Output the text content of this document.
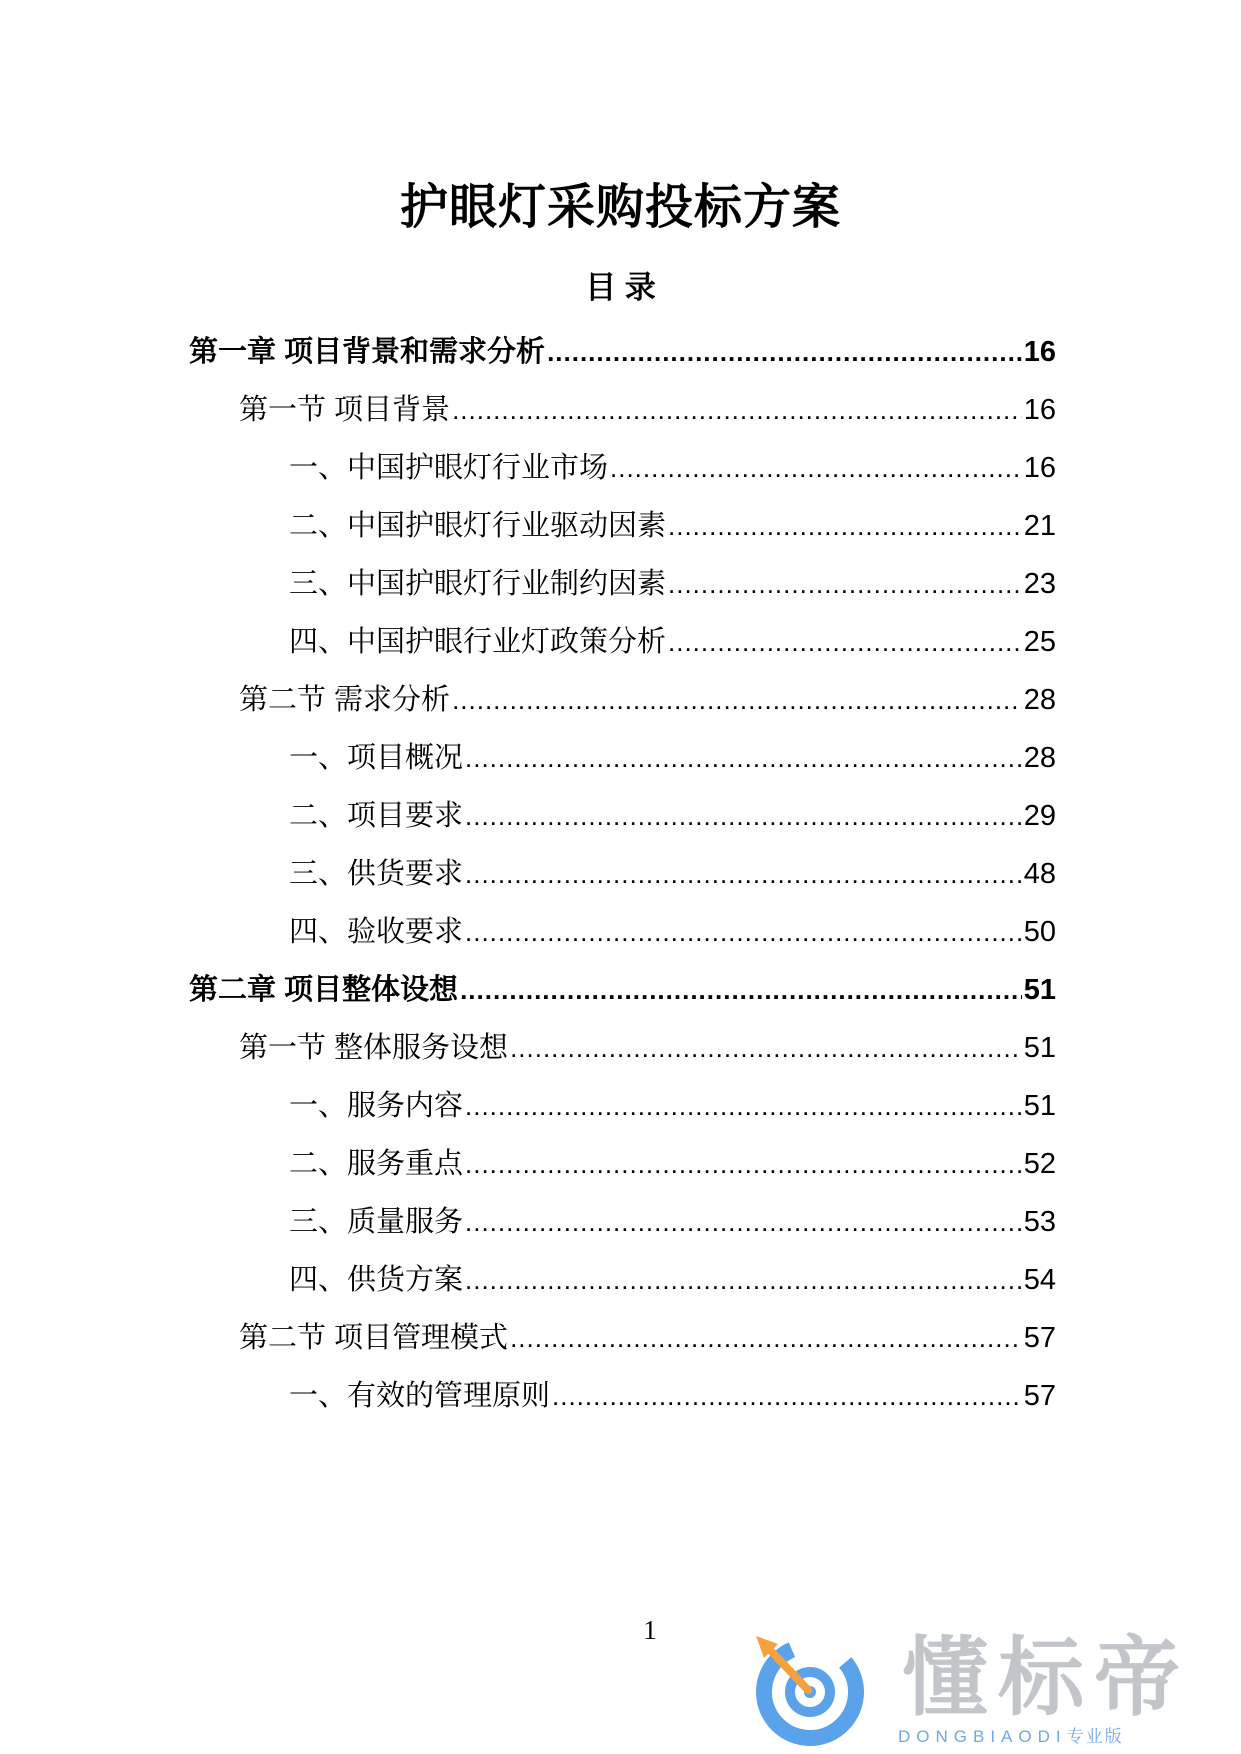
护眼灯采购投标方案
目 录
第一章 项目背景和需求分析 .....	16
第一节 项目背景 .....	16
一、中国护眼灯行业市场 .....	16
二、中国护眼灯行业驱动因素 .....	21
三、中国护眼灯行业制约因素 .....	23
四、中国护眼行业灯政策分析 .....	25
第二节 需求分析 .....	28
一、项目概况 .....	28
二、项目要求 .....	29
三、供货要求 .....	48
四、验收要求 .....	50
第二章 项目整体设想 .....	51
第一节 整体服务设想 .....	51
一、服务内容 .....	51
二、服务重点 .....	52
三、质量服务 .....	53
四、供货方案 .....	54
第二节 项目管理模式 .....	57
一、有效的管理原则 .....	57
1	懂标帝
DONGBIAODI专业版
